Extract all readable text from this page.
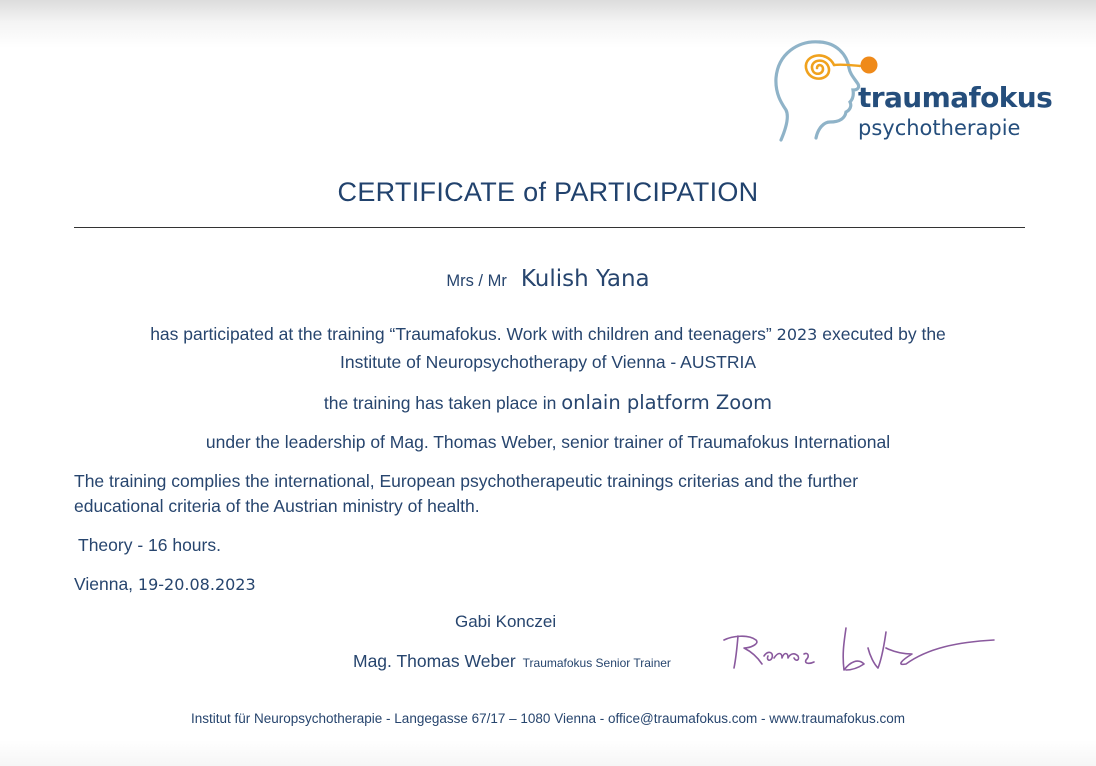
traumafokus
psychotherapie
CERTIFICATE of PARTICIPATION
Mrs / Mr Kulish Yana
has participated at the training “Traumafokus. Work with children and teenagers” 2023 executed by the
Institute of Neuropsychotherapy of Vienna - AUSTRIA
the training has taken place in onlain platform Zoom
under the leadership of Mag. Thomas Weber, senior trainer of Traumafokus International
The training complies the international, European psychotherapeutic trainings criterias and the further
educational criteria of the Austrian ministry of health.
Theory - 16 hours.
Vienna, 19-20.08.2023
Gabi Konczei
Mag. Thomas Weber Traumafokus Senior Trainer
Institut für Neuropsychotherapie - Langegasse 67/17 – 1080 Vienna - office@traumafokus.com - www.traumafokus.com
